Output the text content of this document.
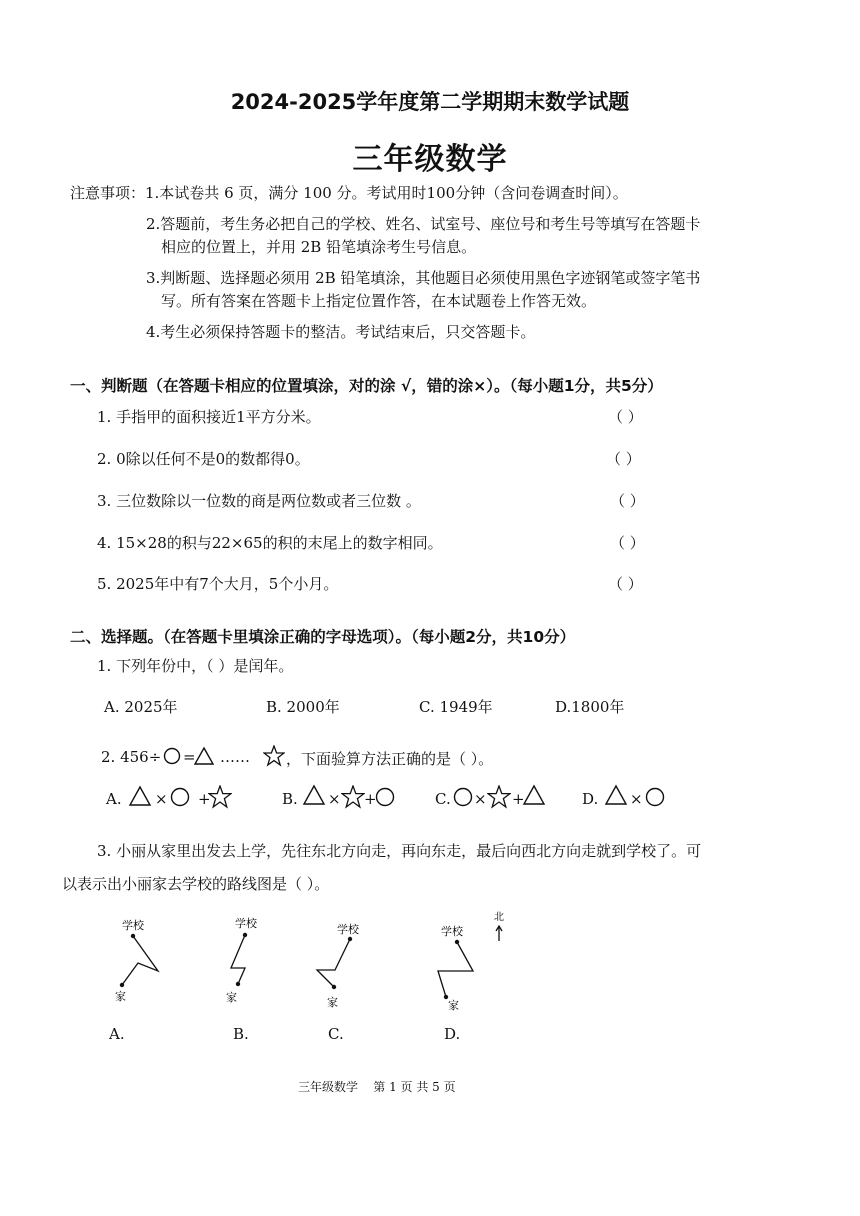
2024-2025学年度第二学期期末数学试题
三年级数学
注意事项：1.本试卷共 6 页，满分 100 分。考试用时100分钟（含问卷调查时间）。
2.答题前，考生务必把自己的学校、姓名、试室号、座位号和考生号等填写在答题卡
相应的位置上，并用 2B 铅笔填涂考生号信息。
3.判断题、选择题必须用 2B 铅笔填涂，其他题目必须使用黑色字迹钢笔或签字笔书
写。所有答案在答题卡上指定位置作答，在本试题卷上作答无效。
4.考生必须保持答题卡的整洁。考试结束后，只交答题卡。
一、判断题（在答题卡相应的位置填涂，对的涂 √，错的涂×）。（每小题1分，共5分）
1. 手指甲的面积接近1平方分米。	（ ）
2. 0除以任何不是0的数都得0。	（ ）
3. 三位数除以一位数的商是两位数或者三位数 。	（ ）
4. 15×28的积与22×65的积的末尾上的数字相同。	（ ）
5. 2025年中有7个大月，5个小月。	（ ）
二、选择题。（在答题卡里填涂正确的字母选项）。（每小题2分，共10分）
1. 下列年份中，（ ）是闰年。
A. 2025年	B. 2000年	C. 1949年	D.1800年
2. 456÷ = …… ，下面验算方法正确的是（ ）。
A. × +	B. × +	C. × +	D. ×
3. 小丽从家里出发去上学，先往东北方向走，再向东走，最后向西北方向走就到学校了。可
以表示出小丽家去学校的路线图是（ ）。
学校
家
学校
家
学校
家
学校
家
北
A.	B.	C.	D.
三年级数学    第 1 页 共 5 页
